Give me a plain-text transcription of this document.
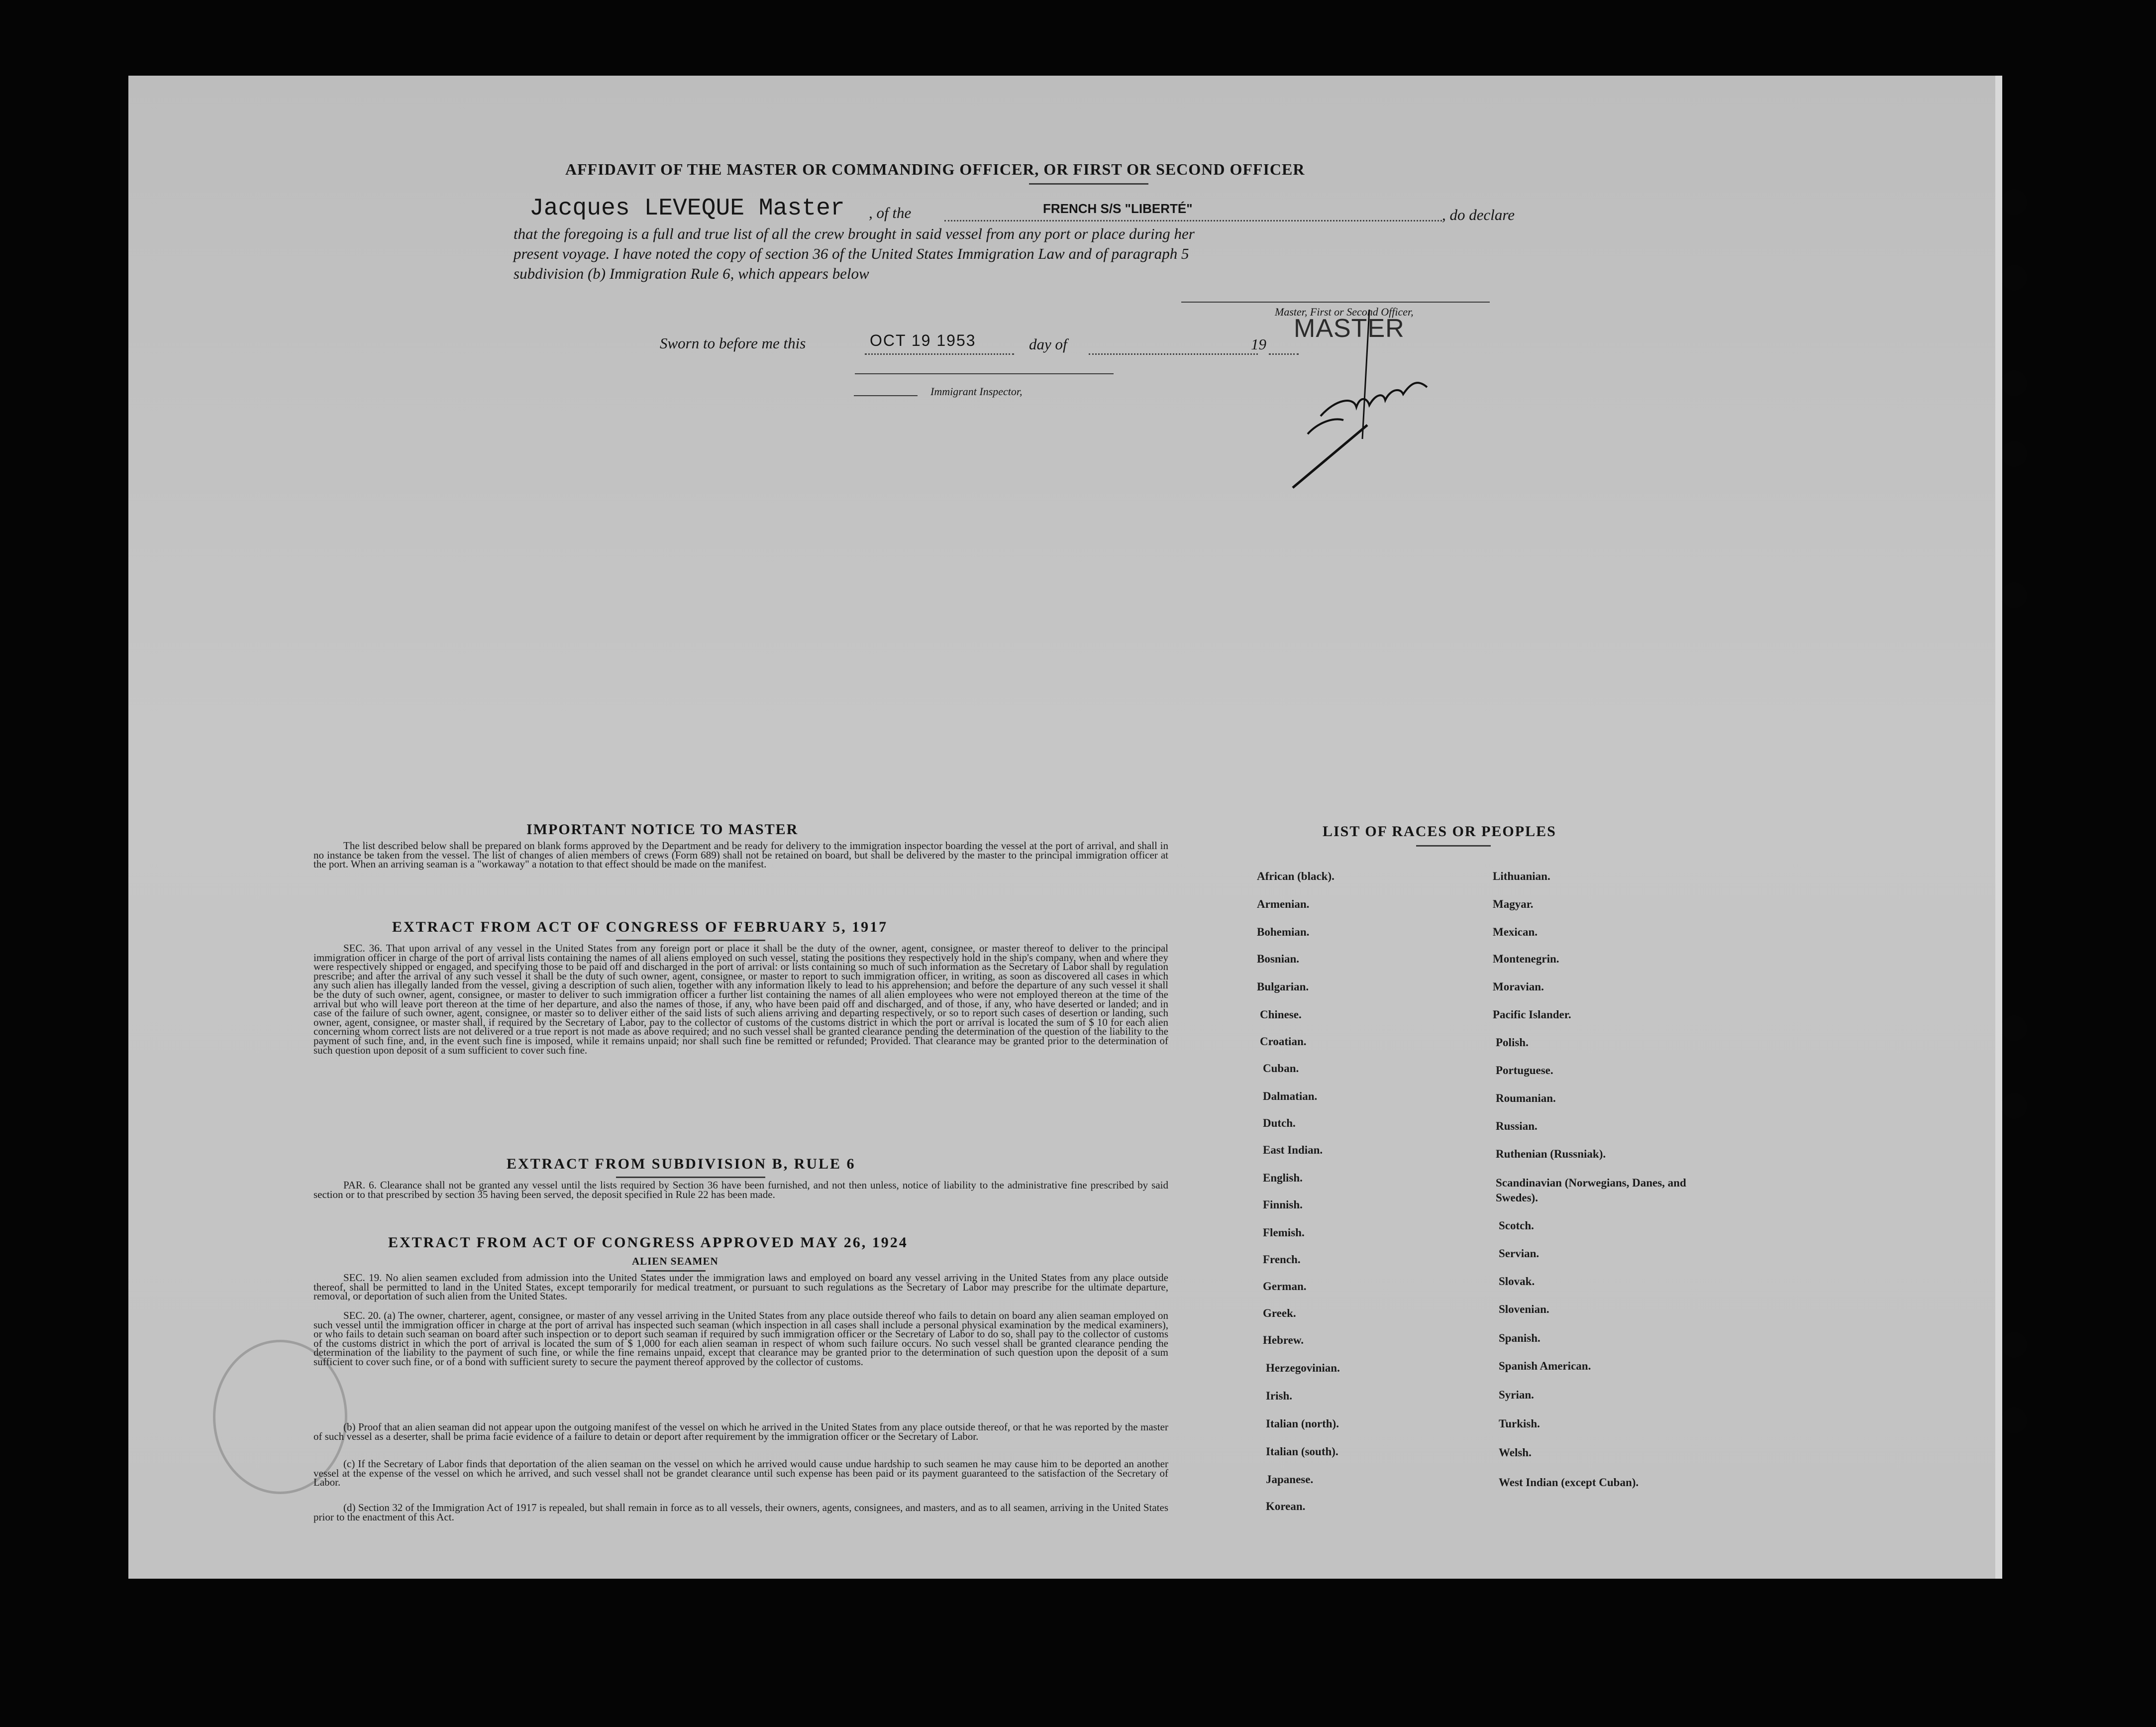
AFFIDAVIT OF THE MASTER OR COMMANDING OFFICER, OR FIRST OR SECOND OFFICER
Jacques LEVEQUE Master , of the	FRENCH S/S "LIBERTÉ"	, do declare
that the foregoing is a full and true list of all the crew brought in said vessel from any port or place during her
present voyage. I have noted the copy of section 36 of the United States Immigration Law and of paragraph 5
subdivision (b) Immigration Rule 6, which appears below
Master, First or Second Officer,
MASTER
Sworn to before me this	OCT 19 1953	day of	19
Immigrant Inspector,
IMPORTANT NOTICE TO MASTER
The list described below shall be prepared on blank forms approved by the Department and be ready for delivery to the immigration inspector boarding the vessel at the port of arrival, and shall in no instance be taken from the vessel. The list of changes of alien members of crews (Form 689) shall not be retained on board, but shall be delivered by the master to the principal immigration officer at the port. When an arriving seaman is a "workaway" a notation to that effect should be made on the manifest.
EXTRACT FROM ACT OF CONGRESS OF FEBRUARY 5, 1917
SEC. 36. That upon arrival of any vessel in the United States from any foreign port or place it shall be the duty of the owner, agent, consignee, or master thereof to deliver to the principal immigration officer in charge of the port of arrival lists containing the names of all aliens employed on such vessel, stating the positions they respectively hold in the ship's company, when and where they were respectively shipped or engaged, and specifying those to be paid off and discharged in the port of arrival: or lists containing so much of such information as the Secretary of Labor shall by regulation prescribe; and after the arrival of any such vessel it shall be the duty of such owner, agent, consignee, or master to report to such immigration officer, in writing, as soon as discovered all cases in which any such alien has illegally landed from the vessel, giving a description of such alien, together with any information likely to lead to his apprehension; and before the departure of any such vessel it shall be the duty of such owner, agent, consignee, or master to deliver to such immigration officer a further list containing the names of all alien employees who were not employed thereon at the time of the arrival but who will leave port thereon at the time of her departure, and also the names of those, if any, who have been paid off and discharged, and of those, if any, who have deserted or landed; and in case of the failure of such owner, agent, consignee, or master so to deliver either of the said lists of such aliens arriving and departing respectively, or so to report such cases of desertion or landing, such owner, agent, consignee, or master shall, if required by the Secretary of Labor, pay to the collector of customs of the customs district in which the port or arrival is located the sum of $ 10 for each alien concerning whom correct lists are not delivered or a true report is not made as above required; and no such vessel shall be granted clearance pending the determination of the question of the liability to the payment of such fine, and, in the event such fine is imposed, while it remains unpaid; nor shall such fine be remitted or refunded; Provided. That clearance may be granted prior to the determination of such question upon deposit of a sum sufficient to cover such fine.
EXTRACT FROM SUBDIVISION B, RULE 6
PAR. 6. Clearance shall not be granted any vessel until the lists required by Section 36 have been furnished, and not then unless, notice of liability to the administrative fine prescribed by said section or to that prescribed by section 35 having been served, the deposit specified in Rule 22 has been made.
EXTRACT FROM ACT OF CONGRESS APPROVED MAY 26, 1924
ALIEN SEAMEN
SEC. 19. No alien seamen excluded from admission into the United States under the immigration laws and employed on board any vessel arriving in the United States from any place outside thereof, shall be permitted to land in the United States, except temporarily for medical treatment, or pursuant to such regulations as the Secretary of Labor may prescribe for the ultimate departure, removal, or deportation of such alien from the United States.
SEC. 20. (a) The owner, charterer, agent, consignee, or master of any vessel arriving in the United States from any place outside thereof who fails to detain on board any alien seaman employed on such vessel until the immigration officer in charge at the port of arrival has inspected such seaman (which inspection in all cases shall include a personal physical examination by the medical examiners), or who fails to detain such seaman on board after such inspection or to deport such seaman if required by such immigration officer or the Secretary of Labor to do so, shall pay to the collector of customs of the customs district in which the port of arrival is located the sum of $ 1,000 for each alien seaman in respect of whom such failure occurs. No such vessel shall be granted clearance pending the determination of the liability to the payment of such fine, or while the fine remains unpaid, except that clearance may be granted prior to the determination of such question upon the deposit of a sum sufficient to cover such fine, or of a bond with sufficient surety to secure the payment thereof approved by the collector of customs.
(b) Proof that an alien seaman did not appear upon the outgoing manifest of the vessel on which he arrived in the United States from any place outside thereof, or that he was reported by the master of such vessel as a deserter, shall be prima facie evidence of a failure to detain or deport after requirement by the immigration officer or the Secretary of Labor.
(c) If the Secretary of Labor finds that deportation of the alien seaman on the vessel on which he arrived would cause undue hardship to such seamen he may cause him to be deported an another vessel at the expense of the vessel on which he arrived, and such vessel shall not be grandet clearance until such expense has been paid or its payment guaranteed to the satisfaction of the Secretary of Labor.
(d) Section 32 of the Immigration Act of 1917 is repealed, but shall remain in force as to all vessels, their owners, agents, consignees, and masters, and as to all seamen, arriving in the United States prior to the enactment of this Act.
LIST OF RACES OR PEOPLES
African (black).
Armenian.
Bohemian.
Bosnian.
Bulgarian.
Chinese.
Croatian.
Cuban.
Dalmatian.
Dutch.
East Indian.
English.
Finnish.
Flemish.
French.
German.
Greek.
Hebrew.
Herzegovinian.
Irish.
Italian (north).
Italian (south).
Japanese.
Korean.
Lithuanian.
Magyar.
Mexican.
Montenegrin.
Moravian.
Pacific Islander.
Polish.
Portuguese.
Roumanian.
Russian.
Ruthenian (Russniak).
Scandinavian (Norwegians, Danes, and Swedes).
Scotch.
Servian.
Slovak.
Slovenian.
Spanish.
Spanish American.
Syrian.
Turkish.
Welsh.
West Indian (except Cuban).
